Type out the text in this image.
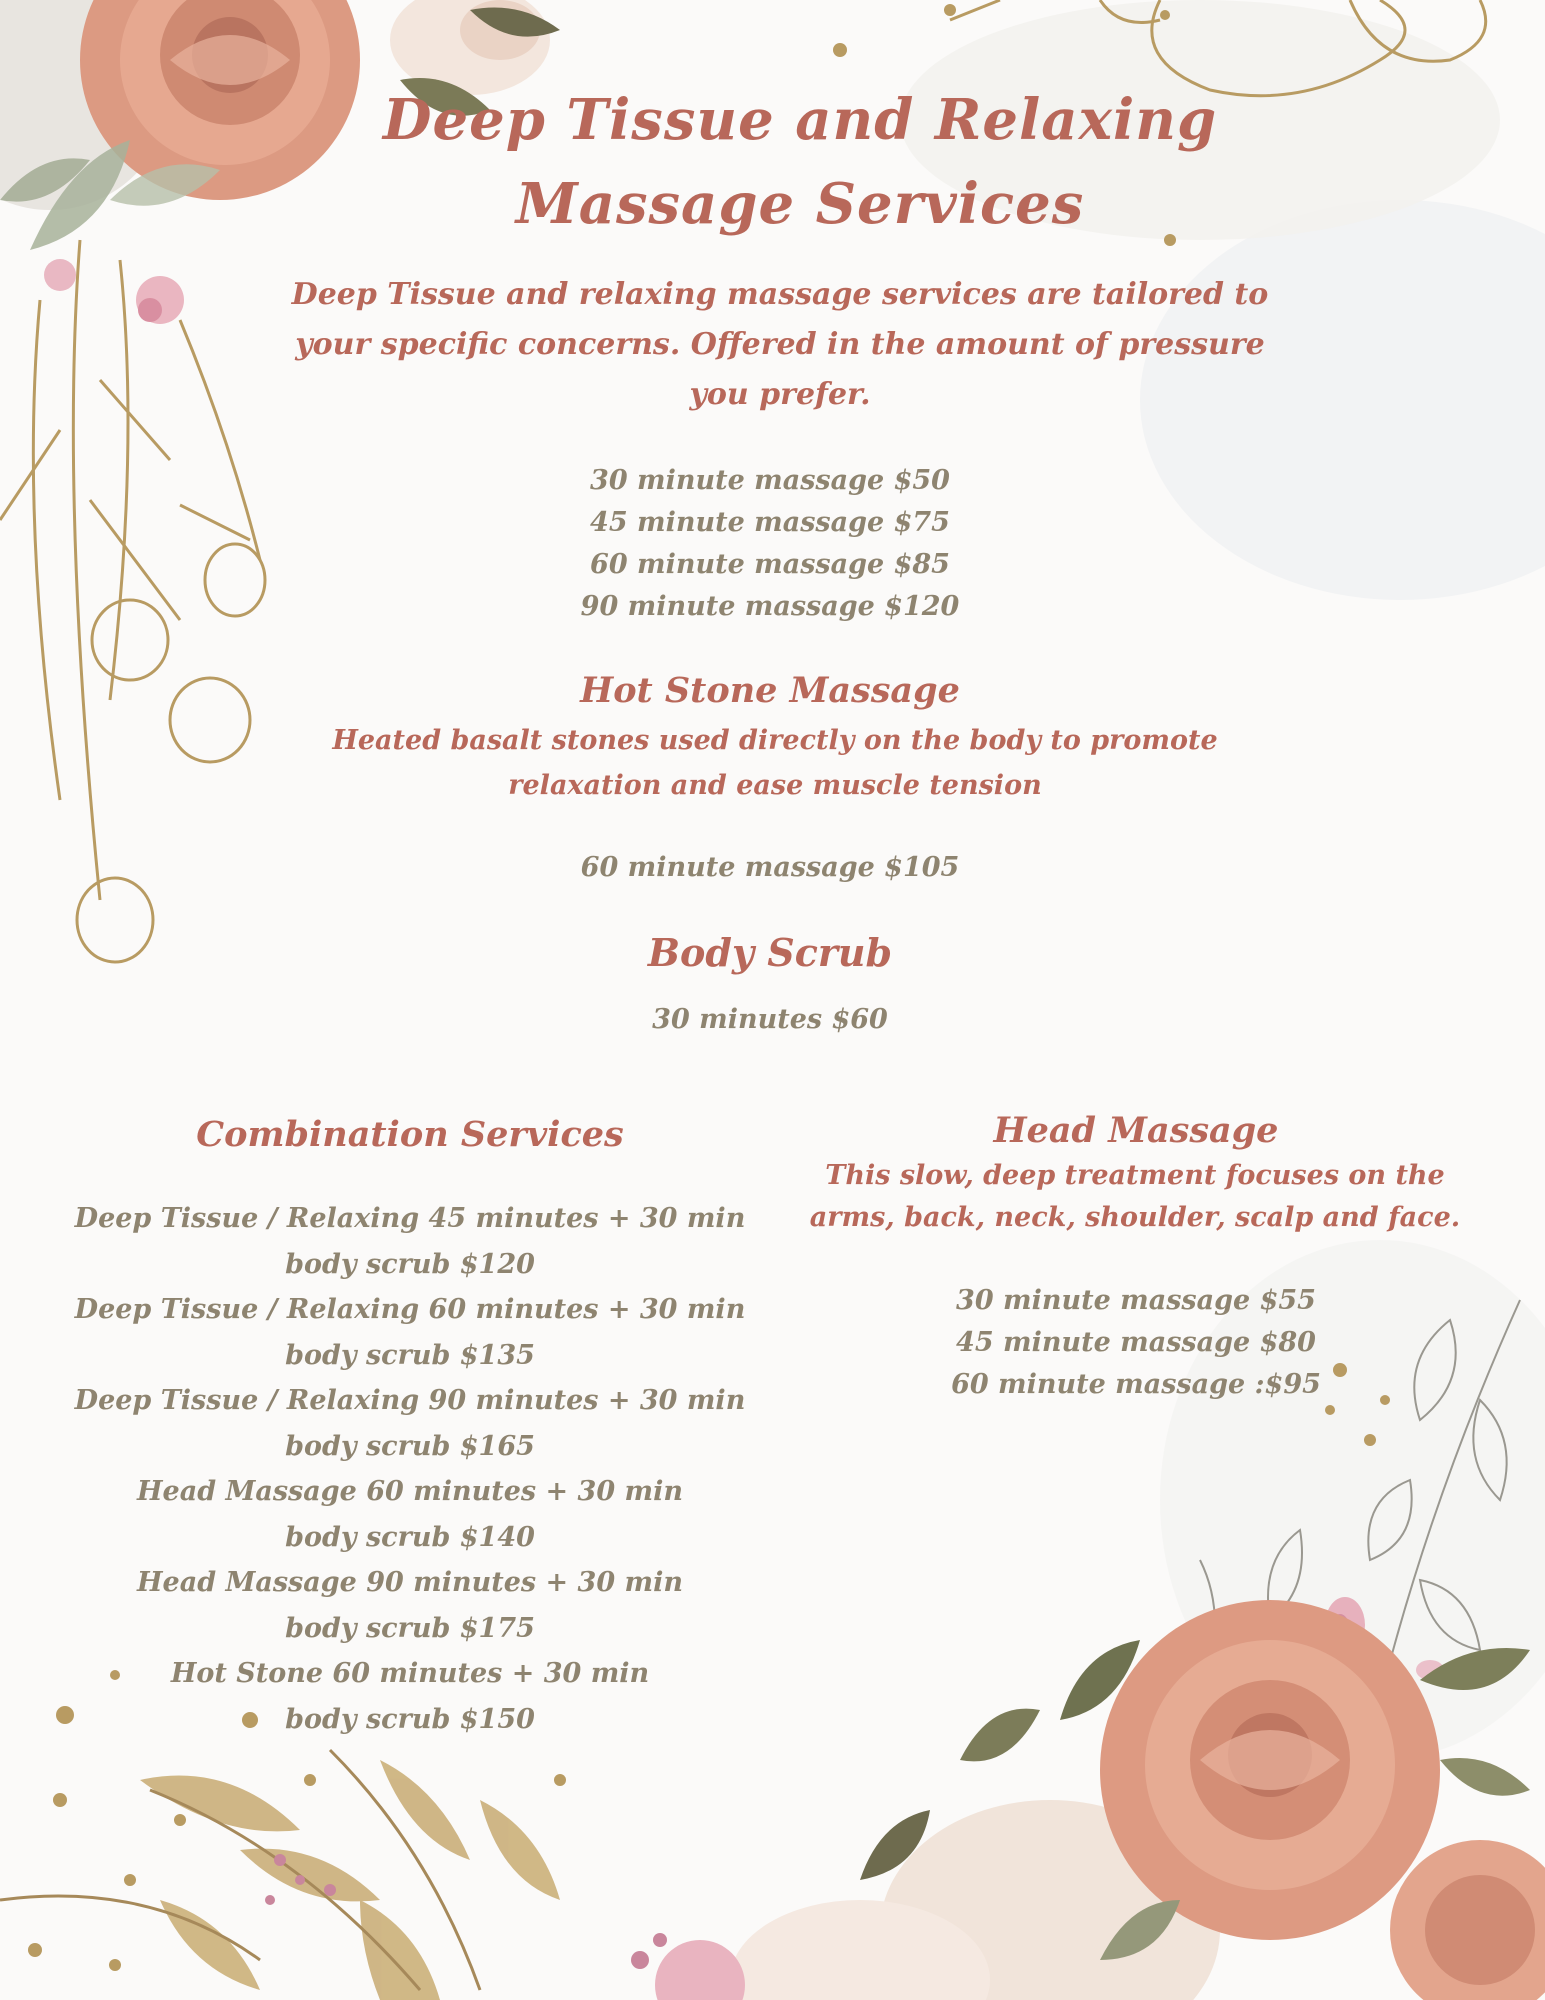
Deep Tissue and Relaxing
Massage Services
Deep Tissue and relaxing massage services are tailored to your specific concerns. Offered in the amount of pressure you prefer.
30 minute massage $50
45 minute massage $75
60 minute massage $85
90 minute massage $120
Hot Stone Massage
Heated basalt stones used directly on the body to promote relaxation and ease muscle tension
60 minute massage $105
Body Scrub
30 minutes $60
Combination Services
Deep Tissue / Relaxing 45 minutes + 30 min
body scrub $120
Deep Tissue / Relaxing 60 minutes + 30 min
body scrub $135
Deep Tissue / Relaxing 90 minutes + 30 min
body scrub $165
Head Massage 60 minutes + 30 min
body scrub $140
Head Massage 90 minutes + 30 min
body scrub $175
Hot Stone 60 minutes + 30 min
body scrub $150
Head Massage
This slow, deep treatment focuses on the arms, back, neck, shoulder, scalp and face.
30 minute massage $55
45 minute massage $80
60 minute massage :$95
